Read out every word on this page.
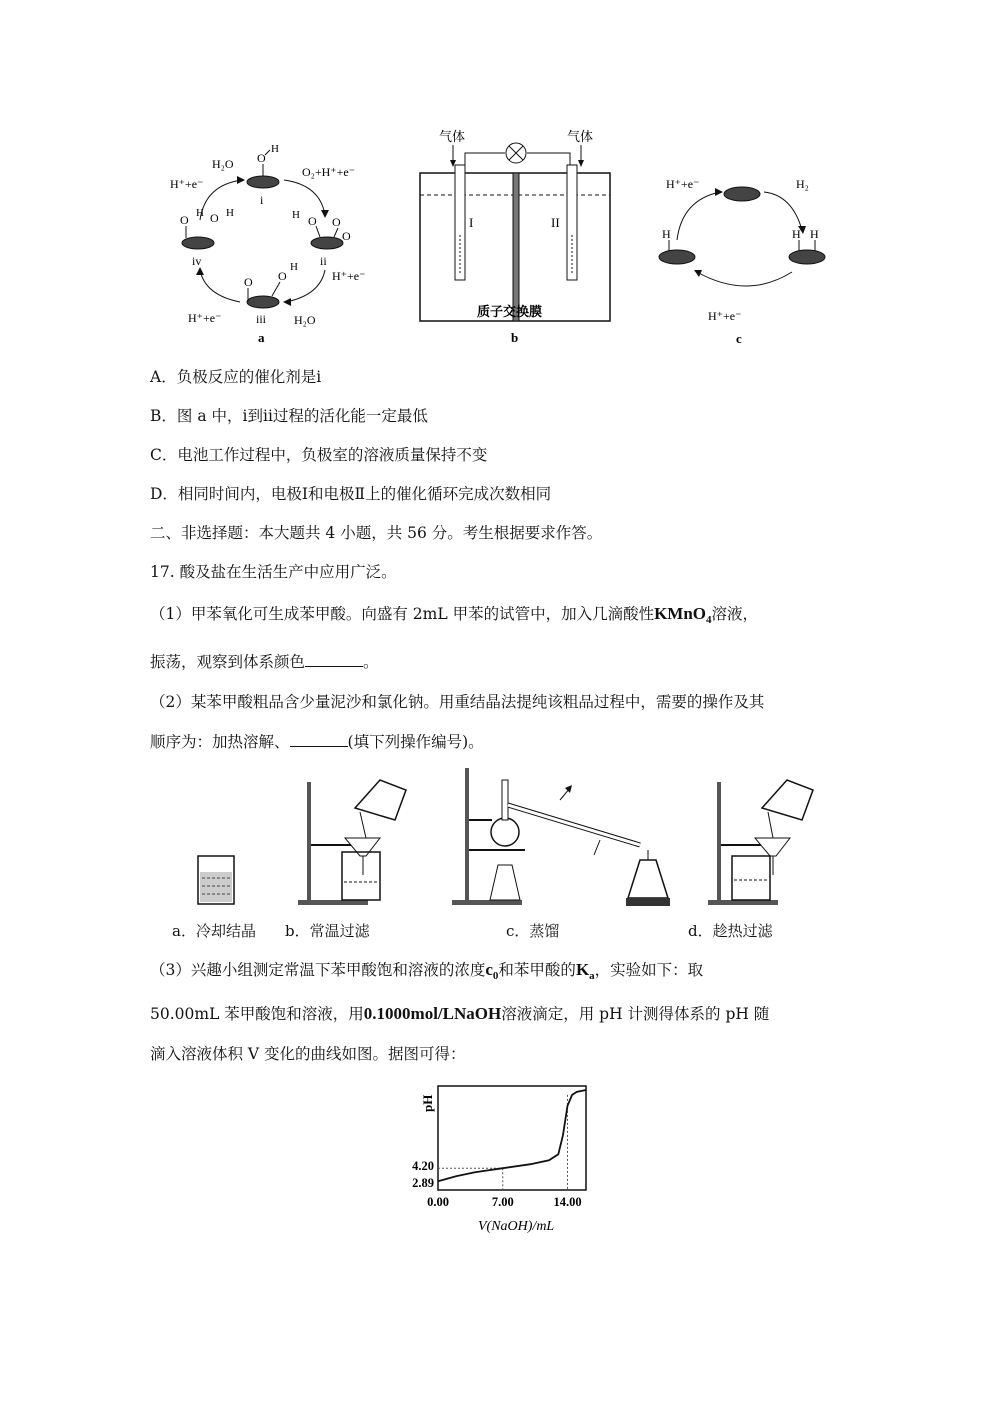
O
H
i
H O O
O
ii
O
H
O
iii
O H O H
iv
H₂O
H⁺+e⁻
O₂+H⁺+e⁻
H⁺+e⁻
H₂O
H⁺+e⁻
a
气体	气体
I	II
质子交换膜
b
H	H H
H⁺+e⁻	H₂
H⁺+e⁻
c
A．负极反应的催化剂是ⅰ
B．图 a 中，ⅰ到ⅱ过程的活化能一定最低
C．电池工作过程中，负极室的溶液质量保持不变
D．相同时间内，电极Ⅰ和电极Ⅱ上的催化循环完成次数相同
二、非选择题：本大题共 4 小题，共 56 分。考生根据要求作答。
17. 酸及盐在生活生产中应用广泛。
（1）甲苯氧化可生成苯甲酸。向盛有 2mL 甲苯的试管中，加入几滴酸性KMnO$_4$溶液，
振荡，观察到体系颜色	。
（2）某苯甲酸粗品含少量泥沙和氯化钠。用重结晶法提纯该粗品过程中，需要的操作及其
顺序为：加热溶解、	(填下列操作编号)。
a．冷却结晶 b．常温过滤	c．蒸馏	d．趁热过滤
（3）兴趣小组测定常温下苯甲酸饱和溶液的浓度$c_0$和苯甲酸的$K_a$，实验如下：取
50.00mL 苯甲酸饱和溶液，用0.1000mol/LNaOH溶液滴定，用 pH 计测得体系的 pH 随
滴入溶液体积 V 变化的曲线如图。据图可得：
pH
0.00	7.00	14.00
2.89
4.20
V(NaOH)/mL
